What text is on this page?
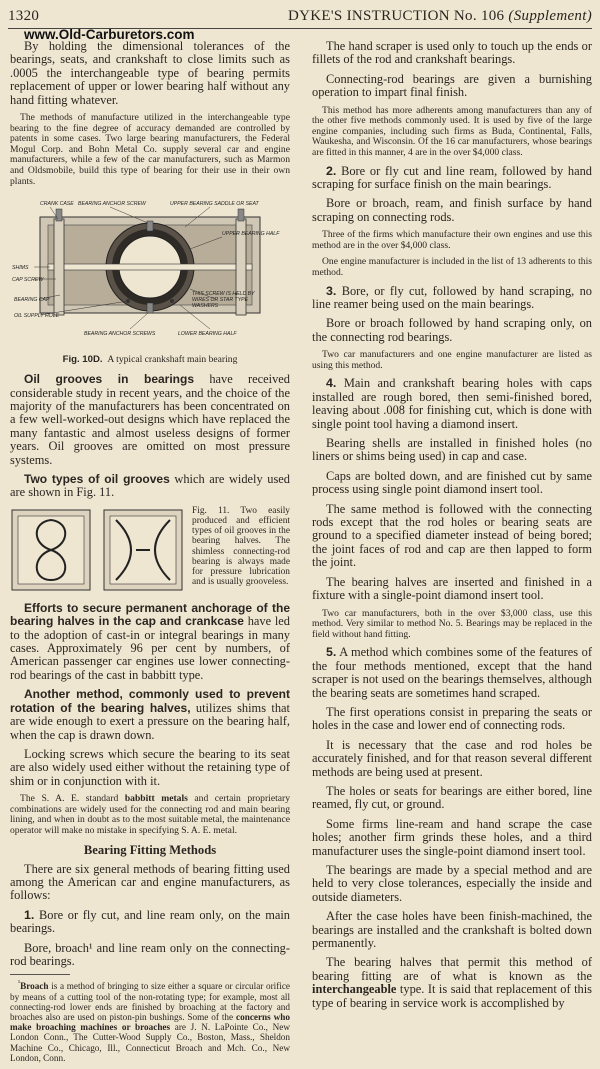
1320	DYKE'S INSTRUCTION No. 106 (Supplement)
www.Old-Carburetors.com

By holding the dimensional tolerances of the bearings, seats, and crankshaft to close limits such as .0005 the interchangeable type of bearing permits replacement of upper or lower bearing half without any hand fitting whatever.

The methods of manufacture utilized in the interchangeable type bearing to the fine degree of accuracy demanded are controlled by patents in some cases. Two large bearing manufacturers, the Federal Mogul Corp. and Bohn Metal Co. supply several car and engine manufacturers, while a few of the car manufacturers, such as Marmon and Oldsmobile, build this type of bearing for their use in their own plants.

CRANK CASE BEARING ANCHOR SCREW	UPPER BEARING SADDLE OR SEAT
UPPER BEARING HALF
SHIMS
CAP SCREW
BEARING CAP
OIL SUPPLY HOLE
THIS SCREW IS HELD BY WIRES OR STAR TYPE WASHERS
BEARING ANCHOR SCREWS	LOWER BEARING HALF
Fig. 10D. A typical crankshaft main bearing

Oil grooves in bearings have received considerable study in recent years, and the choice of the majority of the manufacturers has been concentrated on a few well-worked-out designs which have replaced the many fantastic and almost useless designs of former years. Oil grooves are omitted on most pressure systems.

Two types of oil grooves which are widely used are shown in Fig. 11.

Fig. 11. Two easily produced and efficient types of oil grooves in the bearing halves. The shimless connecting-rod bearing is always made for pressure lubrication and is usually grooveless.

Efforts to secure permanent anchorage of the bearing halves in the cap and crankcase have led to the adoption of cast-in or integral bearings in many cases. Approximately 96 per cent by numbers, of American passenger car engines use lower connecting-rod bearings of the cast in babbitt type.

Another method, commonly used to prevent rotation of the bearing halves, utilizes shims that are wide enough to exert a pressure on the bearing half, when the cap is drawn down.

Locking screws which secure the bearing to its seat are also widely used either without the retaining type of shim or in conjunction with it.

The S. A. E. standard babbitt metals and certain proprietary combinations are widely used for the connecting rod and main bearing lining, and when in doubt as to the most suitable metal, the maintenance operator will make no mistake in specifying S. A. E. metal.

Bearing Fitting Methods

There are six general methods of bearing fitting used among the American car and engine manufacturers, as follows:

1. Bore or fly cut, and line ream only, on the main bearings.

Bore, broach¹ and line ream only on the connecting-rod bearings.

$^{^1}$Broach is a method of bringing to size either a square or circular orifice by means of a cutting tool of the non-rotating type; for example, most all connecting-rod lower ends are finished by broaching at the factory and broaches also are used on piston-pin bushings. Some of the concerns who make broaching machines or broaches are J. N. LaPointe Co., New London Conn., The Cutter-Wood Supply Co., Boston, Mass., Sheldon Machine Co., Chicago, Ill., Connecticut Broach and Mch. Co., New London, Conn.

The hand scraper is used only to touch up the ends or fillets of the rod and crankshaft bearings.

Connecting-rod bearings are given a burnishing operation to impart final finish.

This method has more adherents among manufacturers than any of the other five methods commonly used. It is used by five of the large engine companies, including such firms as Buda, Continental, Falls, Waukesha, and Wisconsin. Of the 16 car manufacturers, whose bearings are fitted in this manner, 4 are in the over $4,000 class.

2. Bore or fly cut and line ream, followed by hand scraping for surface finish on the main bearings.

Bore or broach, ream, and finish surface by hand scraping on connecting rods.

Three of the firms which manufacture their own engines and use this method are in the over $4,000 class.

One engine manufacturer is included in the list of 13 adherents to this method.

3. Bore, or fly cut, followed by hand scraping, no line reamer being used on the main bearings.

Bore or broach followed by hand scraping only, on the connecting rod bearings.

Two car manufacturers and one engine manufacturer are listed as using this method.

4. Main and crankshaft bearing holes with caps installed are rough bored, then semi-finished bored, leaving about .008 for finishing cut, which is done with single point tool having a diamond insert.

Bearing shells are installed in finished holes (no liners or shims being used) in cap and case.

Caps are bolted down, and are finished cut by same process using single point diamond insert tool.

The same method is followed with the connecting rods except that the rod holes or bearing seats are ground to a specified diameter instead of being bored; the joint faces of rod and cap are then lapped to form the joint.

The bearing halves are inserted and finished in a fixture with a single-point diamond insert tool.

Two car manufacturers, both in the over $3,000 class, use this method. Very similar to method No. 5. Bearings may be replaced in the field without hand fitting.

5. A method which combines some of the features of the four methods mentioned, except that the hand scraper is not used on the bearings themselves, although the bearing seats are sometimes hand scraped.

The first operations consist in preparing the seats or holes in the case and lower end of connecting rods.

It is necessary that the case and rod holes be accurately finished, and for that reason several different methods are being used at present.

The holes or seats for bearings are either bored, line reamed, fly cut, or ground.

Some firms line-ream and hand scrape the case holes; another firm grinds these holes, and a third manufacturer uses the single-point diamond insert tool.

The bearings are made by a special method and are held to very close tolerances, especially the inside and outside diameters.

After the case holes have been finish-machined, the bearings are installed and the crankshaft is bolted down permanently.

The bearing halves that permit this method of bearing fitting are of what is known as the interchangeable type. It is said that replacement of this type of bearing in service work is accomplished by
